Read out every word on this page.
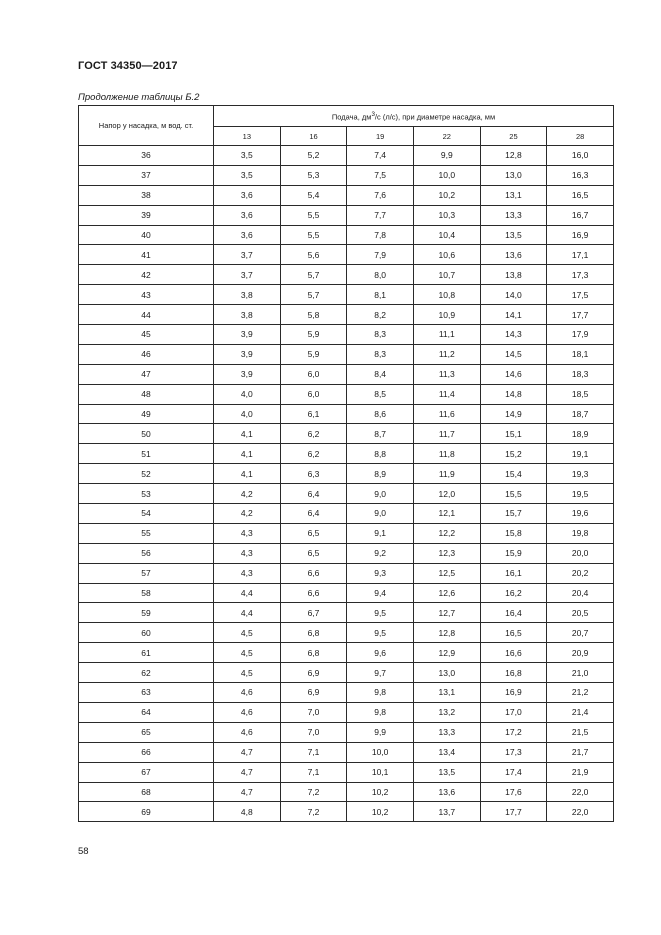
ГОСТ 34350—2017
Продолжение таблицы Б.2
Напор у насадка, м вод. ст.	Подача, $дм^3/с$ (л/с), при диаметре насадка, мм					
	13	16	19	22	25	28
36	3,5	5,2	7,4	9,9	12,8	16,0
37	3,5	5,3	7,5	10,0	13,0	16,3
38	3,6	5,4	7,6	10,2	13,1	16,5
39	3,6	5,5	7,7	10,3	13,3	16,7
40	3,6	5,5	7,8	10,4	13,5	16,9
41	3,7	5,6	7,9	10,6	13,6	17,1
42	3,7	5,7	8,0	10,7	13,8	17,3
43	3,8	5,7	8,1	10,8	14,0	17,5
44	3,8	5,8	8,2	10,9	14,1	17,7
45	3,9	5,9	8,3	11,1	14,3	17,9
46	3,9	5,9	8,3	11,2	14,5	18,1
47	3,9	6,0	8,4	11,3	14,6	18,3
48	4,0	6,0	8,5	11,4	14,8	18,5
49	4,0	6,1	8,6	11,6	14,9	18,7
50	4,1	6,2	8,7	11,7	15,1	18,9
51	4,1	6,2	8,8	11,8	15,2	19,1
52	4,1	6,3	8,9	11,9	15,4	19,3
53	4,2	6,4	9,0	12,0	15,5	19,5
54	4,2	6,4	9,0	12,1	15,7	19,6
55	4,3	6,5	9,1	12,2	15,8	19,8
56	4,3	6,5	9,2	12,3	15,9	20,0
57	4,3	6,6	9,3	12,5	16,1	20,2
58	4,4	6,6	9,4	12,6	16,2	20,4
59	4,4	6,7	9,5	12,7	16,4	20,5
60	4,5	6,8	9,5	12,8	16,5	20,7
61	4,5	6,8	9,6	12,9	16,6	20,9
62	4,5	6,9	9,7	13,0	16,8	21,0
63	4,6	6,9	9,8	13,1	16,9	21,2
64	4,6	7,0	9,8	13,2	17,0	21,4
65	4,6	7,0	9,9	13,3	17,2	21,5
66	4,7	7,1	10,0	13,4	17,3	21,7
67	4,7	7,1	10,1	13,5	17,4	21,9
68	4,7	7,2	10,2	13,6	17,6	22,0
69	4,8	7,2	10,2	13,7	17,7	22,0
58
